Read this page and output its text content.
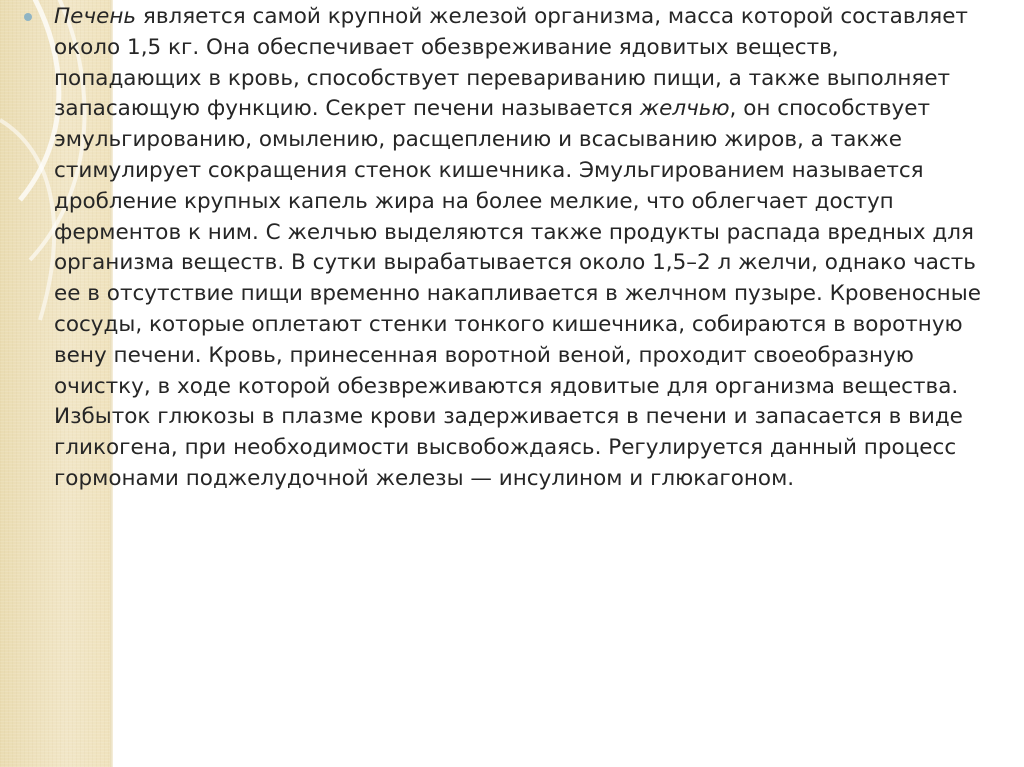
Печень является самой крупной железой организма, масса которой составляет около 1,5 кг. Она обеспечивает обезвреживание ядовитых веществ, попадающих в кровь, способствует перевариванию пищи, а также выполняет запасающую функцию. Секрет печени называется желчью, он способствует эмульгированию, омылению, расщеплению и всасыванию жиров, а также стимулирует сокращения стенок кишечника. Эмульгированием называется дробление крупных капель жира на более мелкие, что облегчает доступ ферментов к ним. С желчью выделяются также продукты распада вредных для организма веществ. В сутки вырабатывается около 1,5–2 л желчи, однако часть ее в отсутствие пищи временно накапливается в желчном пузыре. Кровеносные сосуды, которые оплетают стенки тонкого кишечника, собираются в воротную вену печени. Кровь, принесенная воротной веной, проходит своеобразную очистку, в ходе которой обезвреживаются ядовитые для организма вещества. Избыток глюкозы в плазме крови задерживается в печени и запасается в виде гликогена, при необходимости высвобождаясь. Регулируется данный процесс гормонами поджелудочной железы — инсулином и глюкагоном.
